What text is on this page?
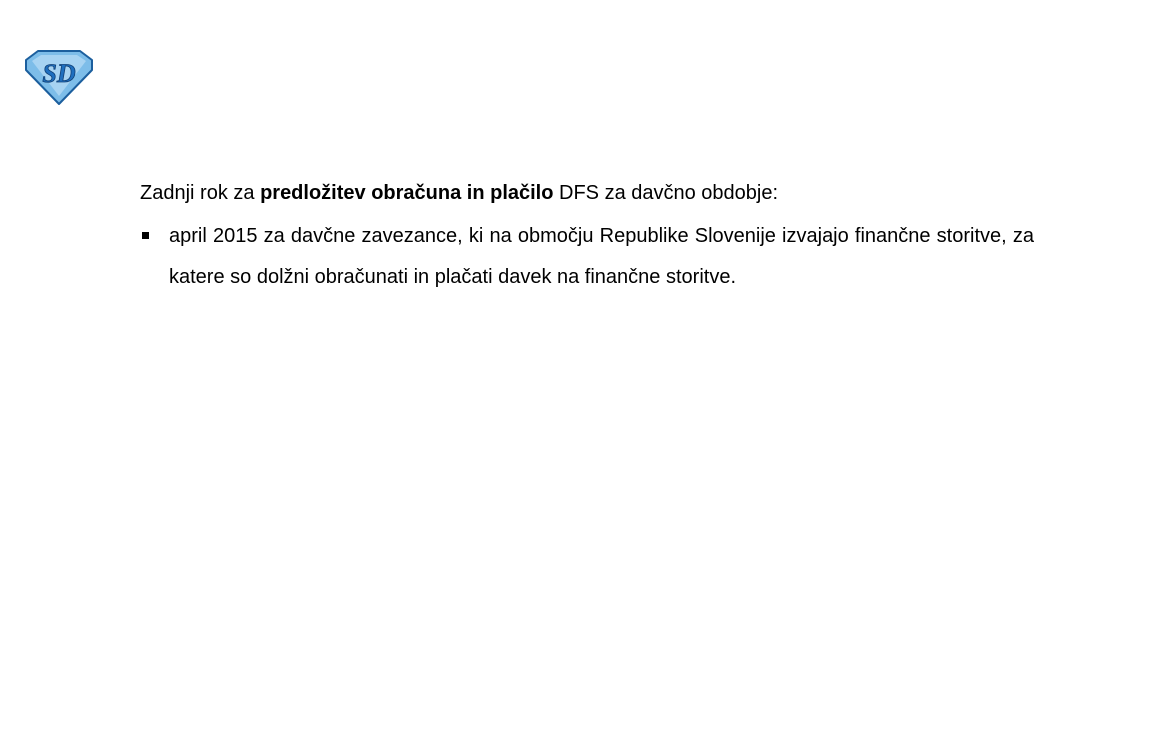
SD

Zadnji rok za predložitev obračuna in plačilo DFS za davčno obdobje:

april 2015 za davčne zavezance, ki na območju Republike Slovenije izvajajo finančne storitve, za katere so dolžni obračunati in plačati davek na finančne storitve.
